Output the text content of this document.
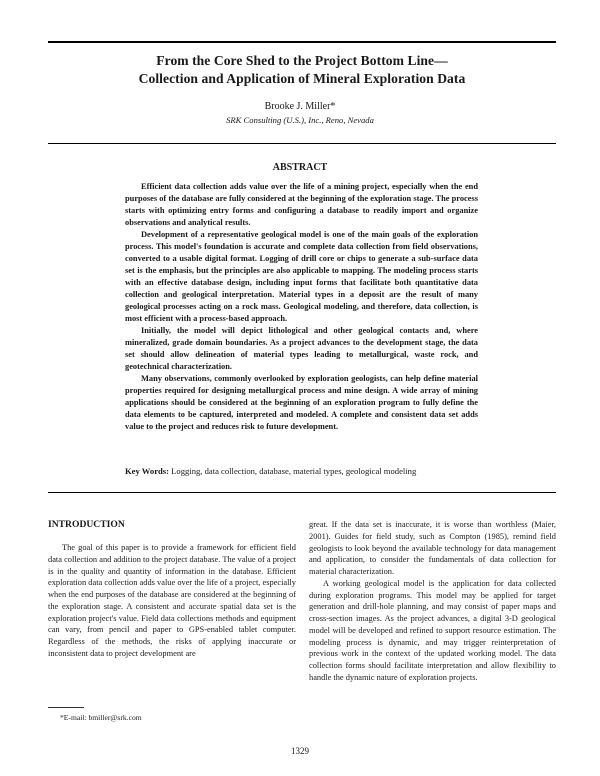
From the Core Shed to the Project Bottom Line—
Collection and Application of Mineral Exploration Data
Brooke J. Miller*
SRK Consulting (U.S.), Inc., Reno, Nevada
ABSTRACT

Efficient data collection adds value over the life of a mining project, especially when the end purposes of the database are fully considered at the beginning of the exploration stage. The process starts with optimizing entry forms and configuring a database to readily import and organize observations and analytical results.

Development of a representative geological model is one of the main goals of the exploration process. This model's foundation is accurate and complete data collection from field observations, converted to a usable digital format. Logging of drill core or chips to generate a sub-surface data set is the emphasis, but the principles are also applicable to mapping. The modeling process starts with an effective database design, including input forms that facilitate both quantitative data collection and geological interpretation. Material types in a deposit are the result of many geological processes acting on a rock mass. Geological modeling, and therefore, data collection, is most efficient with a process-based approach.

Initially, the model will depict lithological and other geological contacts and, where mineralized, grade domain boundaries. As a project advances to the development stage, the data set should allow delineation of material types leading to metallurgical, waste rock, and geotechnical characterization.

Many observations, commonly overlooked by exploration geologists, can help define material properties required for designing metallurgical process and mine design. A wide array of mining applications should be considered at the beginning of an exploration program to fully define the data elements to be captured, interpreted and modeled. A complete and consistent data set adds value to the project and reduces risk to future development.

Key Words: Logging, data collection, database, material types, geological modeling
INTRODUCTION

The goal of this paper is to provide a framework for efficient field data collection and addition to the project database. The value of a project is in the quality and quantity of information in the database. Efficient exploration data collection adds value over the life of a project, especially when the end purposes of the database are considered at the beginning of the exploration stage. A consistent and accurate spatial data set is the exploration project's value. Field data collections methods and equipment can vary, from pencil and paper to GPS-enabled tablet computer. Regardless of the methods, the risks of applying inaccurate or inconsistent data to project development are

great. If the data set is inaccurate, it is worse than worthless (Maier, 2001). Guides for field study, such as Compton (1985), remind field geologists to look beyond the available technology for data management and application, to consider the fundamentals of data collection for material characterization.

A working geological model is the application for data collected during exploration programs. This model may be applied for target generation and drill-hole planning, and may consist of paper maps and cross-section images. As the project advances, a digital 3-D geological model will be developed and refined to support resource estimation. The modeling process is dynamic, and may trigger reinterpretation of previous work in the context of the updated working model. The data collection forms should facilitate interpretation and allow flexibility to handle the dynamic nature of exploration projects.

*E-mail: bmiller@srk.com
1329
